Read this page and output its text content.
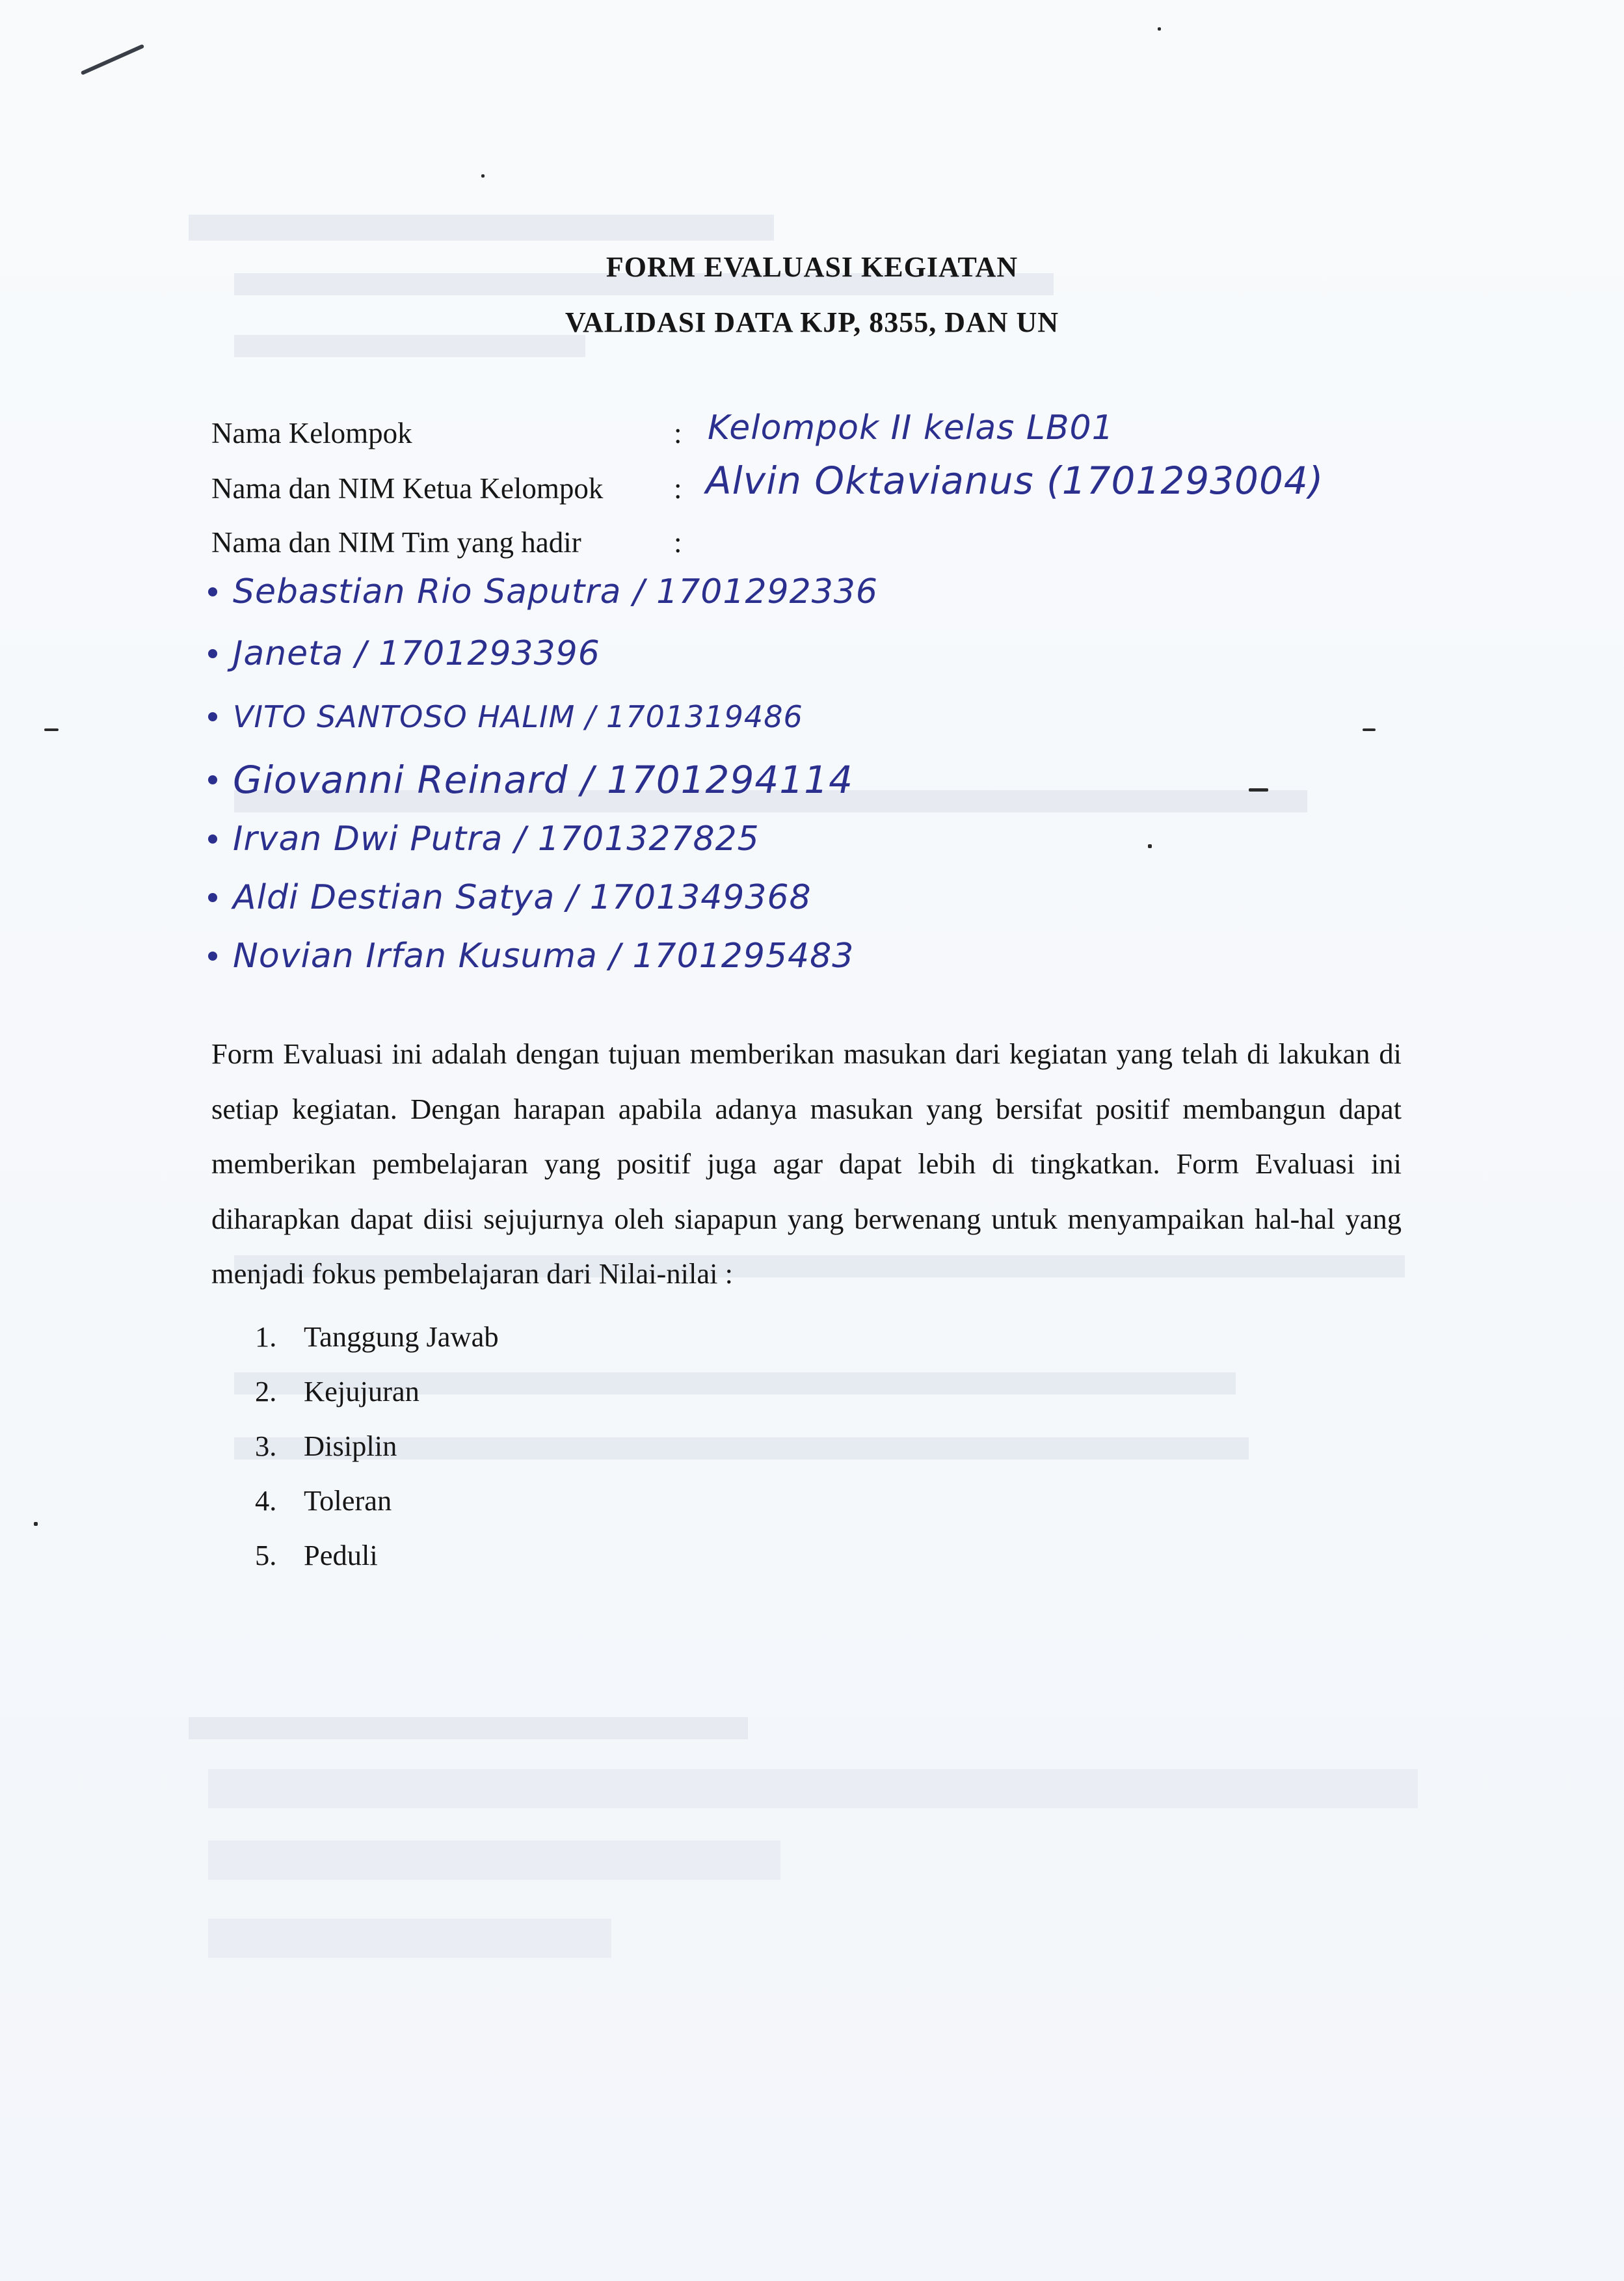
FORM EVALUASI KEGIATAN
VALIDASI DATA KJP, 8355, DAN UN
Nama Kelompok	: Kelompok II kelas LB01
Nama dan NIM Ketua Kelompok : Alvin Oktavianus (1701293004)
Nama dan NIM Tim yang hadir	:
Sebastian Rio Saputra / 1701292336
Janeta / 1701293396
VITO SANTOSO HALIM / 1701319486
Giovanni Reinard / 1701294114
Irvan Dwi Putra / 1701327825
Aldi Destian Satya / 1701349368
Novian Irfan Kusuma / 1701295483
Form Evaluasi ini adalah dengan tujuan memberikan masukan dari kegiatan yang telah di lakukan di setiap kegiatan. Dengan harapan apabila adanya masukan yang bersifat positif membangun dapat memberikan pembelajaran yang positif juga agar dapat lebih di tingkatkan. Form Evaluasi ini diharapkan dapat diisi sejujurnya oleh siapapun yang berwenang untuk menyampaikan hal-hal yang menjadi fokus pembelajaran dari Nilai-nilai :
1. Tanggung Jawab
2. Kejujuran
3. Disiplin
4. Toleran
5. Peduli
